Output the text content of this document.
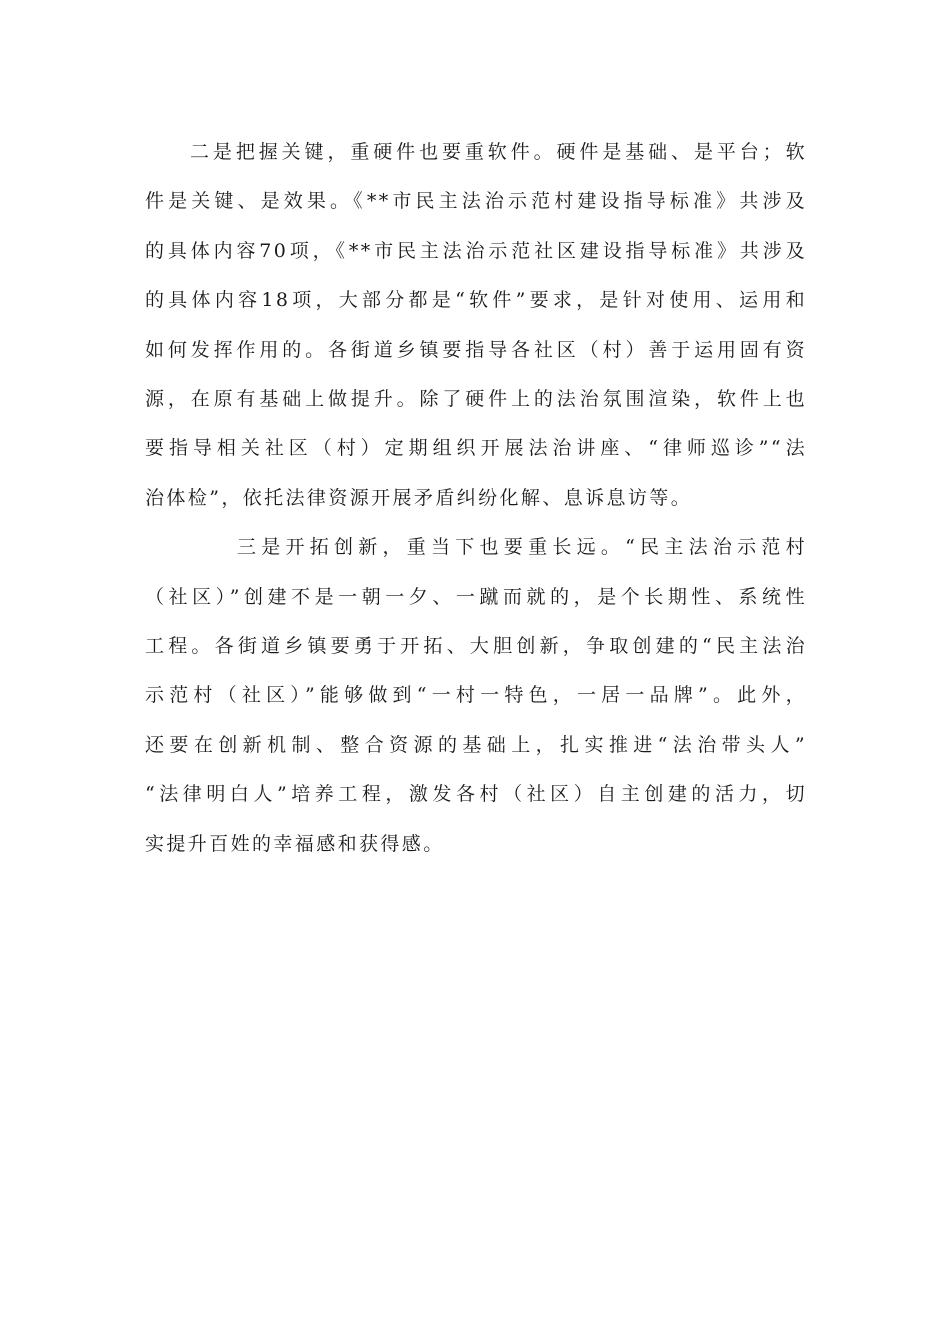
二是把握关键，重硬件也要重软件。硬件是基础、是平台；软
件是关键、是效果。《**市民主法治示范村建设指导标准》共涉及
的具体内容70项，《**市民主法治示范社区建设指导标准》共涉及
的具体内容18项，大部分都是“软件”要求，是针对使用、运用和
如何发挥作用的。各街道乡镇要指导各社区（村）善于运用固有资
源，在原有基础上做提升。除了硬件上的法治氛围渲染，软件上也
要指导相关社区（村）定期组织开展法治讲座、“律师巡诊”“法
治体检”，依托法律资源开展矛盾纠纷化解、息诉息访等。
三是开拓创新，重当下也要重长远。“民主法治示范村
（社区）”创建不是一朝一夕、一蹴而就的，是个长期性、系统性
工程。各街道乡镇要勇于开拓、大胆创新，争取创建的“民主法治
示范村（社区）”能够做到“一村一特色，一居一品牌”。此外，
还要在创新机制、整合资源的基础上，扎实推进“法治带头人”
“法律明白人”培养工程，激发各村（社区）自主创建的活力，切
实提升百姓的幸福感和获得感。
